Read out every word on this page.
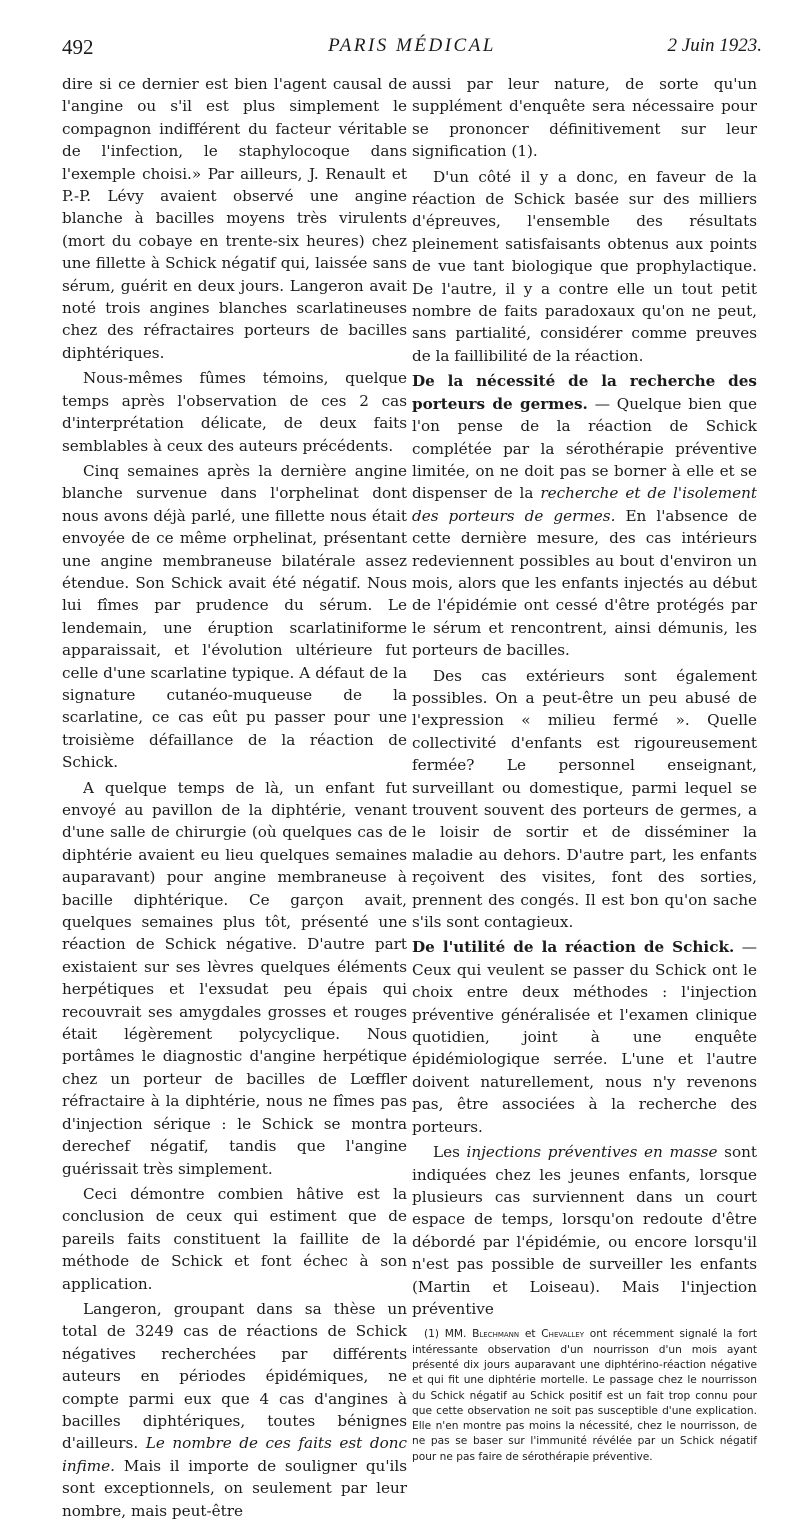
PARIS MÉDICAL
492	2 Juin 1923.

dire si ce dernier est bien l'agent causal de l'angine ou s'il est plus simplement le compagnon indifférent du facteur véritable de l'infection, le staphylocoque dans l'exemple choisi.» Par ailleurs, J. Renault et P.-P. Lévy avaient observé une angine blanche à bacilles moyens très virulents (mort du cobaye en trente-six heures) chez une fillette à Schick négatif qui, laissée sans sérum, guérit en deux jours. Langeron avait noté trois angines blanches scarlatineuses chez des réfractaires porteurs de bacilles diphtériques.

Nous-mêmes fûmes témoins, quelque temps après l'observation de ces 2 cas d'interprétation délicate, de deux faits semblables à ceux des auteurs précédents.

Cinq semaines après la dernière angine blanche survenue dans l'orphelinat dont nous avons déjà parlé, une fillette nous était envoyée de ce même orphelinat, présentant une angine membraneuse bilatérale assez étendue. Son Schick avait été négatif. Nous lui fîmes par prudence du sérum. Le lendemain, une éruption scarlatiniforme apparaissait, et l'évolution ultérieure fut celle d'une scarlatine typique. A défaut de la signature cutanéo-muqueuse de la scarlatine, ce cas eût pu passer pour une troisième défaillance de la réaction de Schick.

A quelque temps de là, un enfant fut envoyé au pavillon de la diphtérie, venant d'une salle de chirurgie (où quelques cas de diphtérie avaient eu lieu quelques semaines auparavant) pour angine membraneuse à bacille diphtérique. Ce garçon avait, quelques semaines plus tôt, présenté une réaction de Schick négative. D'autre part existaient sur ses lèvres quelques éléments herpétiques et l'exsudat peu épais qui recouvrait ses amygdales grosses et rouges était légèrement polycyclique. Nous portâmes le diagnostic d'angine herpétique chez un porteur de bacilles de Lœffler réfractaire à la diphtérie, nous ne fîmes pas d'injection sérique : le Schick se montra derechef négatif, tandis que l'angine guérissait très simplement.

Ceci démontre combien hâtive est la conclusion de ceux qui estiment que de pareils faits constituent la faillite de la méthode de Schick et font échec à son application.

Langeron, groupant dans sa thèse un total de 3249 cas de réactions de Schick négatives recherchées par différents auteurs en périodes épidémiques, ne compte parmi eux que 4 cas d'angines à bacilles diphtériques, toutes bénignes d'ailleurs. Le nombre de ces faits est donc infime. Mais il importe de souligner qu'ils sont exceptionnels, on seulement par leur nombre, mais peut-être

aussi par leur nature, de sorte qu'un supplément d'enquête sera nécessaire pour se prononcer définitivement sur leur signification (1).

D'un côté il y a donc, en faveur de la réaction de Schick basée sur des milliers d'épreuves, l'ensemble des résultats pleinement satisfaisants obtenus aux points de vue tant biologique que prophylactique. De l'autre, il y a contre elle un tout petit nombre de faits paradoxaux qu'on ne peut, sans partialité, considérer comme preuves de la faillibilité de la réaction.

De la nécessité de la recherche des porteurs de germes. — Quelque bien que l'on pense de la réaction de Schick complétée par la sérothérapie préventive limitée, on ne doit pas se borner à elle et se dispenser de la recherche et de l'isolement des porteurs de germes. En l'absence de cette dernière mesure, des cas intérieurs redeviennent possibles au bout d'environ un mois, alors que les enfants injectés au début de l'épidémie ont cessé d'être protégés par le sérum et rencontrent, ainsi démunis, les porteurs de bacilles.

Des cas extérieurs sont également possibles. On a peut-être un peu abusé de l'expression « milieu fermé ». Quelle collectivité d'enfants est rigoureusement fermée? Le personnel enseignant, surveillant ou domestique, parmi lequel se trouvent souvent des porteurs de germes, a le loisir de sortir et de disséminer la maladie au dehors. D'autre part, les enfants reçoivent des visites, font des sorties, prennent des congés. Il est bon qu'on sache s'ils sont contagieux.

De l'utilité de la réaction de Schick. — Ceux qui veulent se passer du Schick ont le choix entre deux méthodes : l'injection préventive généralisée et l'examen clinique quotidien, joint à une enquête épidémiologique serrée. L'une et l'autre doivent naturellement, nous n'y revenons pas, être associées à la recherche des porteurs.

Les injections préventives en masse sont indiquées chez les jeunes enfants, lorsque plusieurs cas surviennent dans un court espace de temps, lorsqu'on redoute d'être débordé par l'épidémie, ou encore lorsqu'il n'est pas possible de surveiller les enfants (Martin et Loiseau). Mais l'injection préventive

(1) MM. Blechmann et Chevalley ont récemment signalé la fort intéressante observation d'un nourrisson d'un mois ayant présenté dix jours auparavant une diphtérino-réaction négative et qui fit une diphtérie mortelle. Le passage chez le nourrisson du Schick négatif au Schick positif est un fait trop connu pour que cette observation ne soit pas susceptible d'une explication. Elle n'en montre pas moins la nécessité, chez le nourrisson, de ne pas se baser sur l'immunité révélée par un Schick négatif pour ne pas faire de sérothérapie préventive.
